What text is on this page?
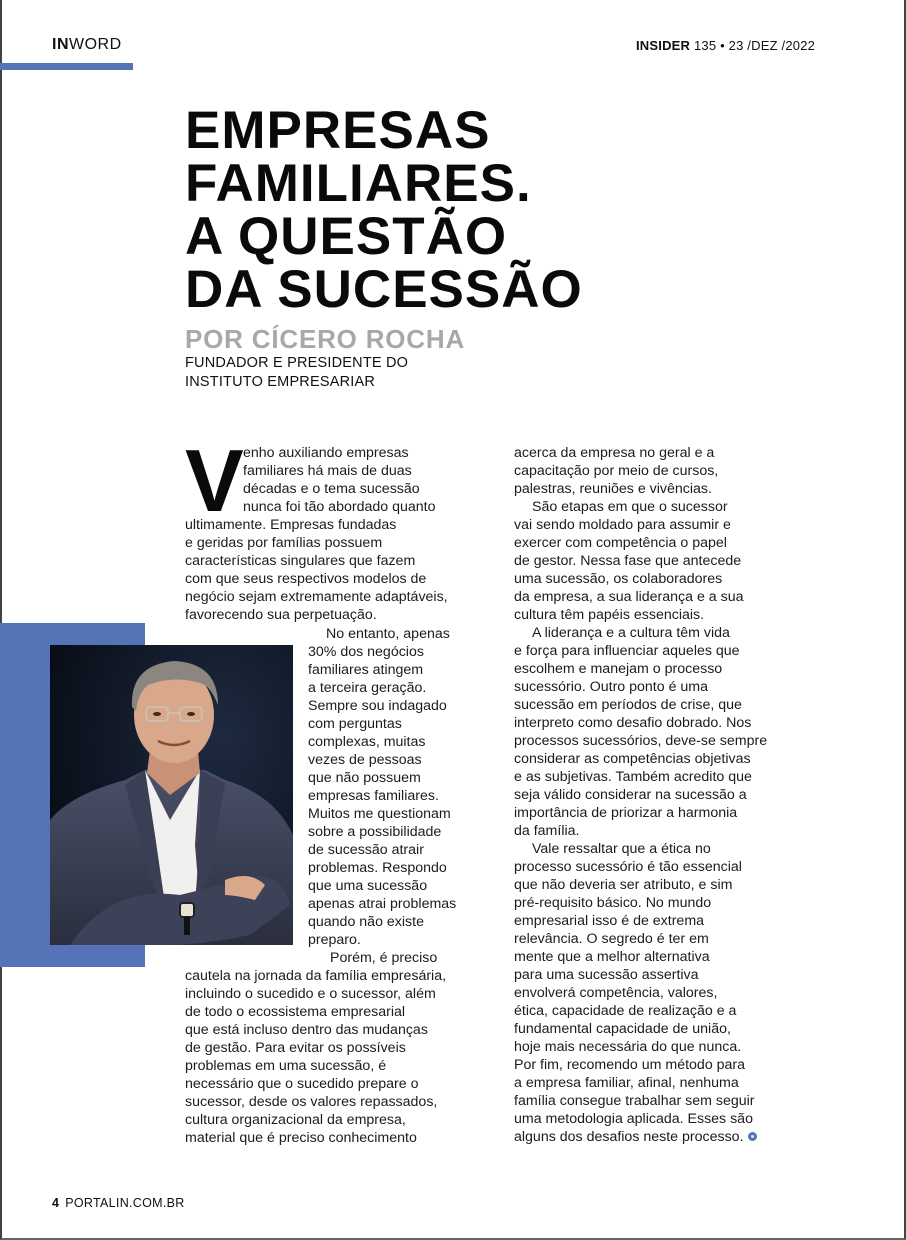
INWORD	INSIDER 135 • 23 /DEZ /2022
EMPRESAS
FAMILIARES.
A QUESTÃO
DA SUCESSÃO
POR CÍCERO ROCHA
FUNDADOR E PRESIDENTE DO
INSTITUTO EMPRESARIAR
V enho auxiliando empresas
familiares há mais de duas
décadas e o tema sucessão
nunca foi tão abordado quanto
ultimamente. Empresas fundadas
e geridas por famílias possuem
características singulares que fazem
com que seus respectivos modelos de
negócio sejam extremamente adaptáveis,
favorecendo sua perpetuação.
No entanto, apenas
30% dos negócios
familiares atingem
a terceira geração.
Sempre sou indagado
com perguntas
complexas, muitas
vezes de pessoas
que não possuem
empresas familiares.
Muitos me questionam
sobre a possibilidade
de sucessão atrair
problemas. Respondo
que uma sucessão
apenas atrai problemas
quando não existe
preparo.
Porém, é preciso
cautela na jornada da família empresária,
incluindo o sucedido e o sucessor, além
de todo o ecossistema empresarial
que está incluso dentro das mudanças
de gestão. Para evitar os possíveis
problemas em uma sucessão, é
necessário que o sucedido prepare o
sucessor, desde os valores repassados,
cultura organizacional da empresa,
material que é preciso conhecimento
acerca da empresa no geral e a
capacitação por meio de cursos,
palestras, reuniões e vivências.
São etapas em que o sucessor
vai sendo moldado para assumir e
exercer com competência o papel
de gestor. Nessa fase que antecede
uma sucessão, os colaboradores
da empresa, a sua liderança e a sua
cultura têm papéis essenciais.
A liderança e a cultura têm vida
e força para influenciar aqueles que
escolhem e manejam o processo
sucessório. Outro ponto é uma
sucessão em períodos de crise, que
interpreto como desafio dobrado. Nos
processos sucessórios, deve-se sempre
considerar as competências objetivas
e as subjetivas. Também acredito que
seja válido considerar na sucessão a
importância de priorizar a harmonia
da família.
Vale ressaltar que a ética no
processo sucessório é tão essencial
que não deveria ser atributo, e sim
pré-requisito básico. No mundo
empresarial isso é de extrema
relevância. O segredo é ter em
mente que a melhor alternativa
para uma sucessão assertiva
envolverá competência, valores,
ética, capacidade de realização e a
fundamental capacidade de união,
hoje mais necessária do que nunca.
Por fim, recomendo um método para
a empresa familiar, afinal, nenhuma
família consegue trabalhar sem seguir
uma metodologia aplicada. Esses são
alguns dos desafios neste processo.
4 PORTALIN.COM.BR
